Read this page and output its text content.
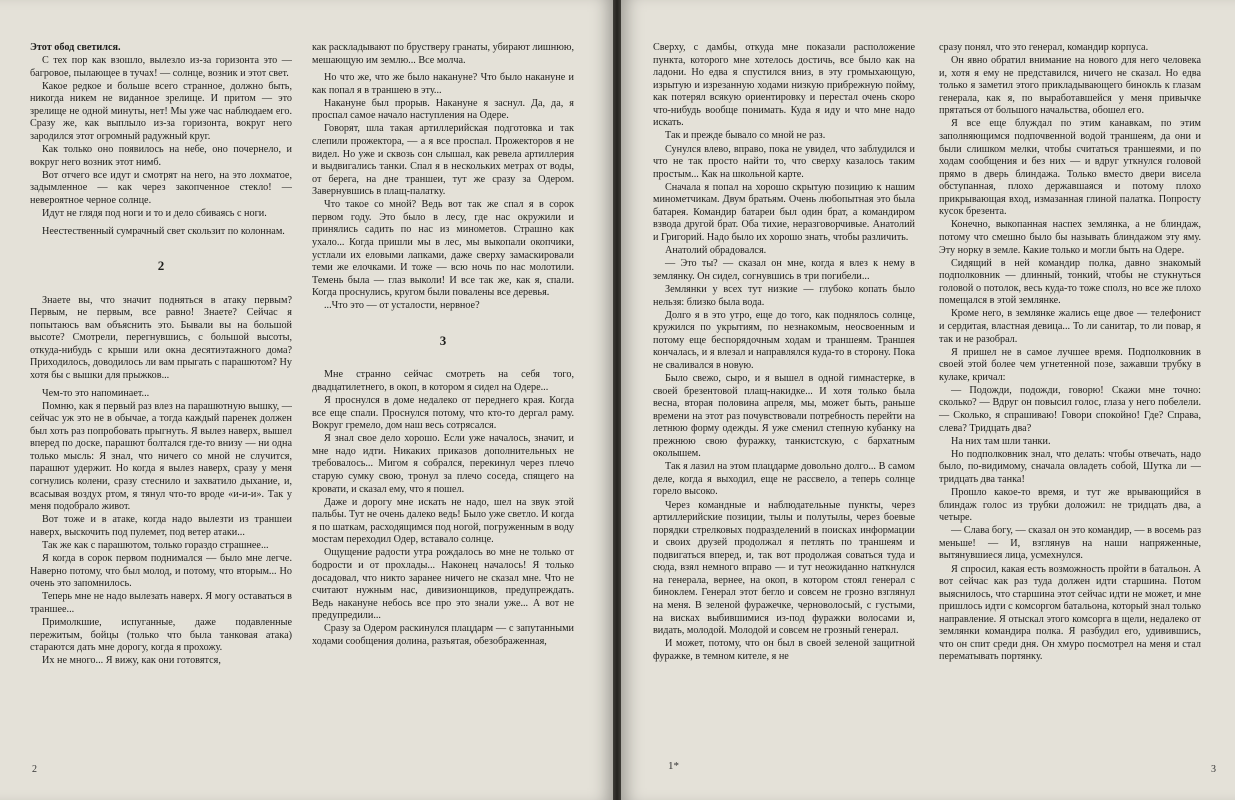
Этот обод светился.

С тех пор как взошло, вылезло из-за горизонта это — багровое, пылающее в тучах! — солнце, возник и этот свет.

Какое редкое и больше всего странное, должно быть, никогда никем не виданное зрелище. И притом — это зрелище не одной минуты, нет! Мы уже час наблюдаем его. Сразу же, как выплыло из-за горизонта, вокруг него зародился этот огромный радужный круг.

Как только оно появилось на небе, оно почернело, и вокруг него возник этот нимб.

Вот отчего все идут и смотрят на него, на это лохматое, задымленное — как через закопченное стекло! — невероятное черное солнце.

Идут не глядя под ноги и то и дело сбиваясь с ноги.

Неестественный сумрачный свет скользит по колоннам.

2

Знаете вы, что значит подняться в атаку первым? Первым, не первым, все равно! Знаете? Сейчас я попытаюсь вам объяснить это. Бывали вы на большой высоте? Смотрели, перегнувшись, с большой высоты, откуда-нибудь с крыши или окна десятиэтажного дома? Приходилось, доводилось ли вам прыгать с парашютом? Ну хотя бы с вышки для прыжков...

Чем-то это напоминает...

Помню, как я первый раз влез на парашютную вышку, — сейчас уж это не в обычае, а тогда каждый паренек должен был хоть раз попробовать прыгнуть. Я вылез наверх, вышел вперед по доске, парашют болтался где-то внизу — ни одна только мысль: Я знал, что ничего со мной не случится, парашют удержит. Но когда я вылез наверх, сразу у меня согнулись колени, сразу стеснило и захватило дыхание, и, всасывая воздух ртом, я тянул что-то вроде «и-и-и». Так у меня подобрало живот.

Вот тоже и в атаке, когда надо вылезти из траншеи наверх, выскочить под пулемет, под ветер атаки...

Так же как с парашютом, только гораздо страшнее...

Я когда в сорок первом поднимался — было мне легче. Наверно потому, что был молод, и потому, что вторым... Но очень это запомнилось.

Теперь мне не надо вылезать наверх. Я могу оставаться в траншее...

Примолкшие, испуганные, даже подавленные пережитым, бойцы (только что была танковая атака) стараются дать мне дорогу, когда я прохожу.

Их не много... Я вижу, как они готовятся,

как раскладывают по брустверу гранаты, убирают лишнюю, мешающую им землю... Все молча.

Но что же, что же было накануне? Что было накануне и как попал я в траншею в эту...

Накануне был прорыв. Накануне я заснул. Да, да, я проспал самое начало наступления на Одере.

Говорят, шла такая артиллерийская подготовка и так слепили прожектора, — а я все проспал. Прожекторов я не видел. Но уже и сквозь сон слышал, как ревела артиллерия и выдвигались танки. Спал я в нескольких метрах от воды, от берега, на дне траншеи, тут же сразу за Одером. Завернувшись в плащ-палатку.

Что такое со мной? Ведь вот так же спал я в сорок первом году. Это было в лесу, где нас окружили и принялись садить по нас из минометов. Страшно как ухало... Когда пришли мы в лес, мы выкопали окопчики, устлали их еловыми лапками, даже сверху замаскировали теми же елочками. И тоже — всю ночь по нас молотили. Темень была — глаз выколи! И все так же, как я, спали. Когда проснулись, кругом были повалены все деревья.

...Что это — от усталости, нервное?

3

Мне странно сейчас смотреть на себя того, двадцатилетнего, в окоп, в котором я сидел на Одере...

Я проснулся в доме недалеко от переднего края. Когда все еще спали. Проснулся потому, что кто-то дергал раму. Вокруг гремело, дом наш весь сотрясался.

Я знал свое дело хорошо. Если уже началось, значит, и мне надо идти. Никаких приказов дополнительных не требовалось... Мигом я собрался, перекинул через плечо старую сумку свою, тронул за плечо соседа, спящего на кровати, и сказал ему, что я пошел.

Даже и дорогу мне искать не надо, шел на звук этой пальбы. Тут не очень далеко ведь! Было уже светло. И когда я по шаткам, расходящимся под ногой, погруженным в воду мостам переходил Одер, вставало солнце.

Ощущение радости утра рождалось во мне не только от бодрости и от прохлады... Наконец началось! Я только досадовал, что никто заранее ничего не сказал мне. Что не считают нужным нас, дивизионщиков, предупреждать. Ведь накануне небось все про это знали уже... А вот не предупредили...

Сразу за Одером раскинулся плацдарм — с запутанными ходами сообщения долина, разъятая, обезображенная,

2

Сверху, с дамбы, откуда мне показали расположение пункта, которого мне хотелось достичь, все было как на ладони. Но едва я спустился вниз, в эту громыхающую, изрытую и изрезанную ходами низкую прибрежную пойму, как потерял всякую ориентировку и перестал очень скоро что-нибудь вообще понимать. Куда я иду и что мне надо искать.

Так и прежде бывало со мной не раз.

Сунулся влево, вправо, пока не увидел, что заблудился и что не так просто найти то, что сверху казалось таким простым... Как на школьной карте.

Сначала я попал на хорошо скрытую позицию к нашим минометчикам. Двум братьям. Очень любопытная это была батарея. Командир батареи был один брат, а командиром взвода другой брат. Оба тихие, неразговорчивые. Анатолий и Григорий. Надо было их хорошо знать, чтобы различить.

Анатолий обрадовался.

— Это ты? — сказал он мне, когда я влез к нему в землянку. Он сидел, согнувшись в три погибели...

Землянки у всех тут низкие — глубоко копать было нельзя: близко была вода.

Долго я в это утро, еще до того, как поднялось солнце, кружился по укрытиям, по незнакомым, неосвоенным и потому еще беспорядочным ходам и траншеям. Траншея кончалась, и я влезал и направлялся куда-то в сторону. Пока не сваливался в новую.

Было свежо, сыро, и я вышел в одной гимнастерке, в своей брезентовой плащ-накидке... И хотя только была весна, вторая половина апреля, мы, может быть, раньше времени на этот раз почувствовали потребность перейти на летнюю форму одежды. Я уже сменил степную кубанку на прежнюю свою фуражку, танкистскую, с бархатным околышем.

Так я лазил на этом плацдарме довольно долго... В самом деле, когда я выходил, еще не рассвело, а теперь солнце горело высоко.

Через командные и наблюдательные пункты, через артиллерийские позиции, тылы и полутылы, через боевые порядки стрелковых подразделений в поисках информации и своих друзей продолжал я петлять по траншеям и подвигаться вперед, и, так вот продолжая соваться туда и сюда, взял немного вправо — и тут неожиданно наткнулся на генерала, вернее, на окоп, в котором стоял генерал с биноклем. Генерал этот бегло и совсем не грозно взглянул на меня. В зеленой фуражечке, черноволосый, с густыми, на висках выбившимися из-под фуражки волосами и, видать, молодой. Молодой и совсем не грозный генерал.

И может, потому, что он был в своей зеленой защитной фуражке, в темном кителе, я не

сразу понял, что это генерал, командир корпуса.

Он явно обратил внимание на нового для него человека и, хотя я ему не представился, ничего не сказал. Но едва только я заметил этого прикладывающего бинокль к глазам генерала, как я, по выработавшейся у меня привычке прятаться от большого начальства, обошел его.

Я все еще блуждал по этим канавкам, по этим заполняющимся подпочвенной водой траншеям, да они и были слишком мелки, чтобы считаться траншеями, и по ходам сообщения и без них — и вдруг уткнулся головой прямо в дверь блиндажа. Только вместо двери висела обступанная, плохо державшаяся и потому плохо прикрывающая вход, измазанная глиной палатка. Попросту кусок брезента.

Конечно, выкопанная наспех землянка, а не блиндаж, потому что смешно было бы называть блиндажом эту яму. Эту норку в земле. Какие только и могли быть на Одере.

Сидящий в ней командир полка, давно знакомый подполковник — длинный, тонкий, чтобы не стукнуться головой о потолок, весь куда-то тоже сполз, но все же плохо помещался в этой землянке.

Кроме него, в землянке жались еще двое — телефонист и сердитая, властная девица... То ли санитар, то ли повар, я так и не разобрал.

Я пришел не в самое лучшее время. Подполковник в своей этой более чем угнетенной позе, зажавши трубку в кулаке, кричал:

— Подожди, подожди, говорю! Скажи мне точно: сколько? — Вдруг он повысил голос, глаза у него побелели. — Сколько, я спрашиваю! Говори спокойно! Где? Справа, слева? Тридцать два?

На них там шли танки.

Но подполковник знал, что делать: чтобы отвечать, надо было, по-видимому, сначала овладеть собой, Шутка ли — тридцать два танка!

Прошло какое-то время, и тут же врывающийся в блиндаж голос из трубки доложил: не тридцать два, а четыре.

— Слава богу, — сказал он это командир, — в восемь раз меньше! — И, взглянув на наши напряженные, вытянувшиеся лица, усмехнулся.

Я спросил, какая есть возможность пройти в батальон. А вот сейчас как раз туда должен идти старшина. Потом выяснилось, что старшина этот сейчас идти не может, и мне пришлось идти с комсоргом батальона, который знал только направление. Я отыскал этого комсорга в щели, недалеко от землянки командира полка. Я разбудил его, удивившись, что он спит среди дня. Он хмуро посмотрел на меня и стал перематывать портянку.

1*	3
